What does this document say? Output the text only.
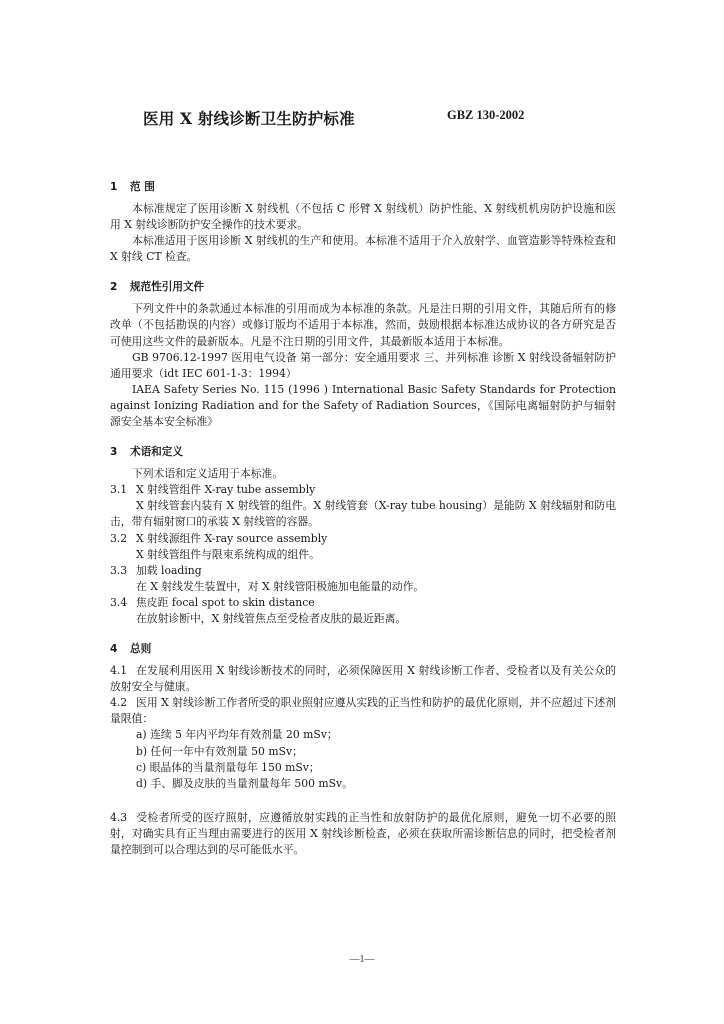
医用 X 射线诊断卫生防护标准	GBZ 130-2002
1 范 围

本标准规定了医用诊断 X 射线机（不包括 C 形臂 X 射线机）防护性能、X 射线机机房防护设施和医用 X 射线诊断防护安全操作的技术要求。

本标准适用于医用诊断 X 射线机的生产和使用。本标准不适用于介入放射学、血管造影等特殊检查和 X 射线 CT 检查。

2 规范性引用文件

下列文件中的条款通过本标准的引用而成为本标准的条款。凡是注日期的引用文件，其随后所有的修改单（不包括勘误的内容）或修订版均不适用于本标准，然而，鼓励根据本标准达成协议的各方研究是否可使用这些文件的最新版本。凡是不注日期的引用文件，其最新版本适用于本标准。

GB 9706.12-1997 医用电气设备 第一部分：安全通用要求 三、并列标准 诊断 X 射线设备辐射防护通用要求（idt IEC 601-1-3：1994）

IAEA Safety Series No. 115 (1996 ) International Basic Safety Standards for Protection against Ionizing Radiation and for the Safety of Radiation Sources，《国际电离辐射防护与辐射源安全基本安全标准》

3 术语和定义

下列术语和定义适用于本标准。

3.1 X 射线管组件 X-ray tube assembly

X 射线管套内装有 X 射线管的组件。X 射线管套（X-ray tube housing）是能防 X 射线辐射和防电击，带有辐射窗口的承装 X 射线管的容器。

3.2 X 射线源组件 X-ray source assembly

X 射线管组件与限束系统构成的组件。

3.3 加载 loading

在 X 射线发生装置中，对 X 射线管阳极施加电能量的动作。

3.4 焦皮距 focal spot to skin distance

在放射诊断中，X 射线管焦点至受检者皮肤的最近距离。

4 总则

4.1 在发展利用医用 X 射线诊断技术的同时，必须保障医用 X 射线诊断工作者、受检者以及有关公众的放射安全与健康。

4.2 医用 X 射线诊断工作者所受的职业照射应遵从实践的正当性和防护的最优化原则，并不应超过下述剂量限值：

a) 连续 5 年内平均年有效剂量 20 mSv；

b) 任何一年中有效剂量 50 mSv；

c) 眼晶体的当量剂量每年 150 mSv；

d) 手、脚及皮肤的当量剂量每年 500 mSv。

4.3 受检者所受的医疗照射，应遵循放射实践的正当性和放射防护的最优化原则，避免一切不必要的照射，对确实具有正当理由需要进行的医用 X 射线诊断检查，必须在获取所需诊断信息的同时，把受检者剂量控制到可以合理达到的尽可能低水平。

—1—
